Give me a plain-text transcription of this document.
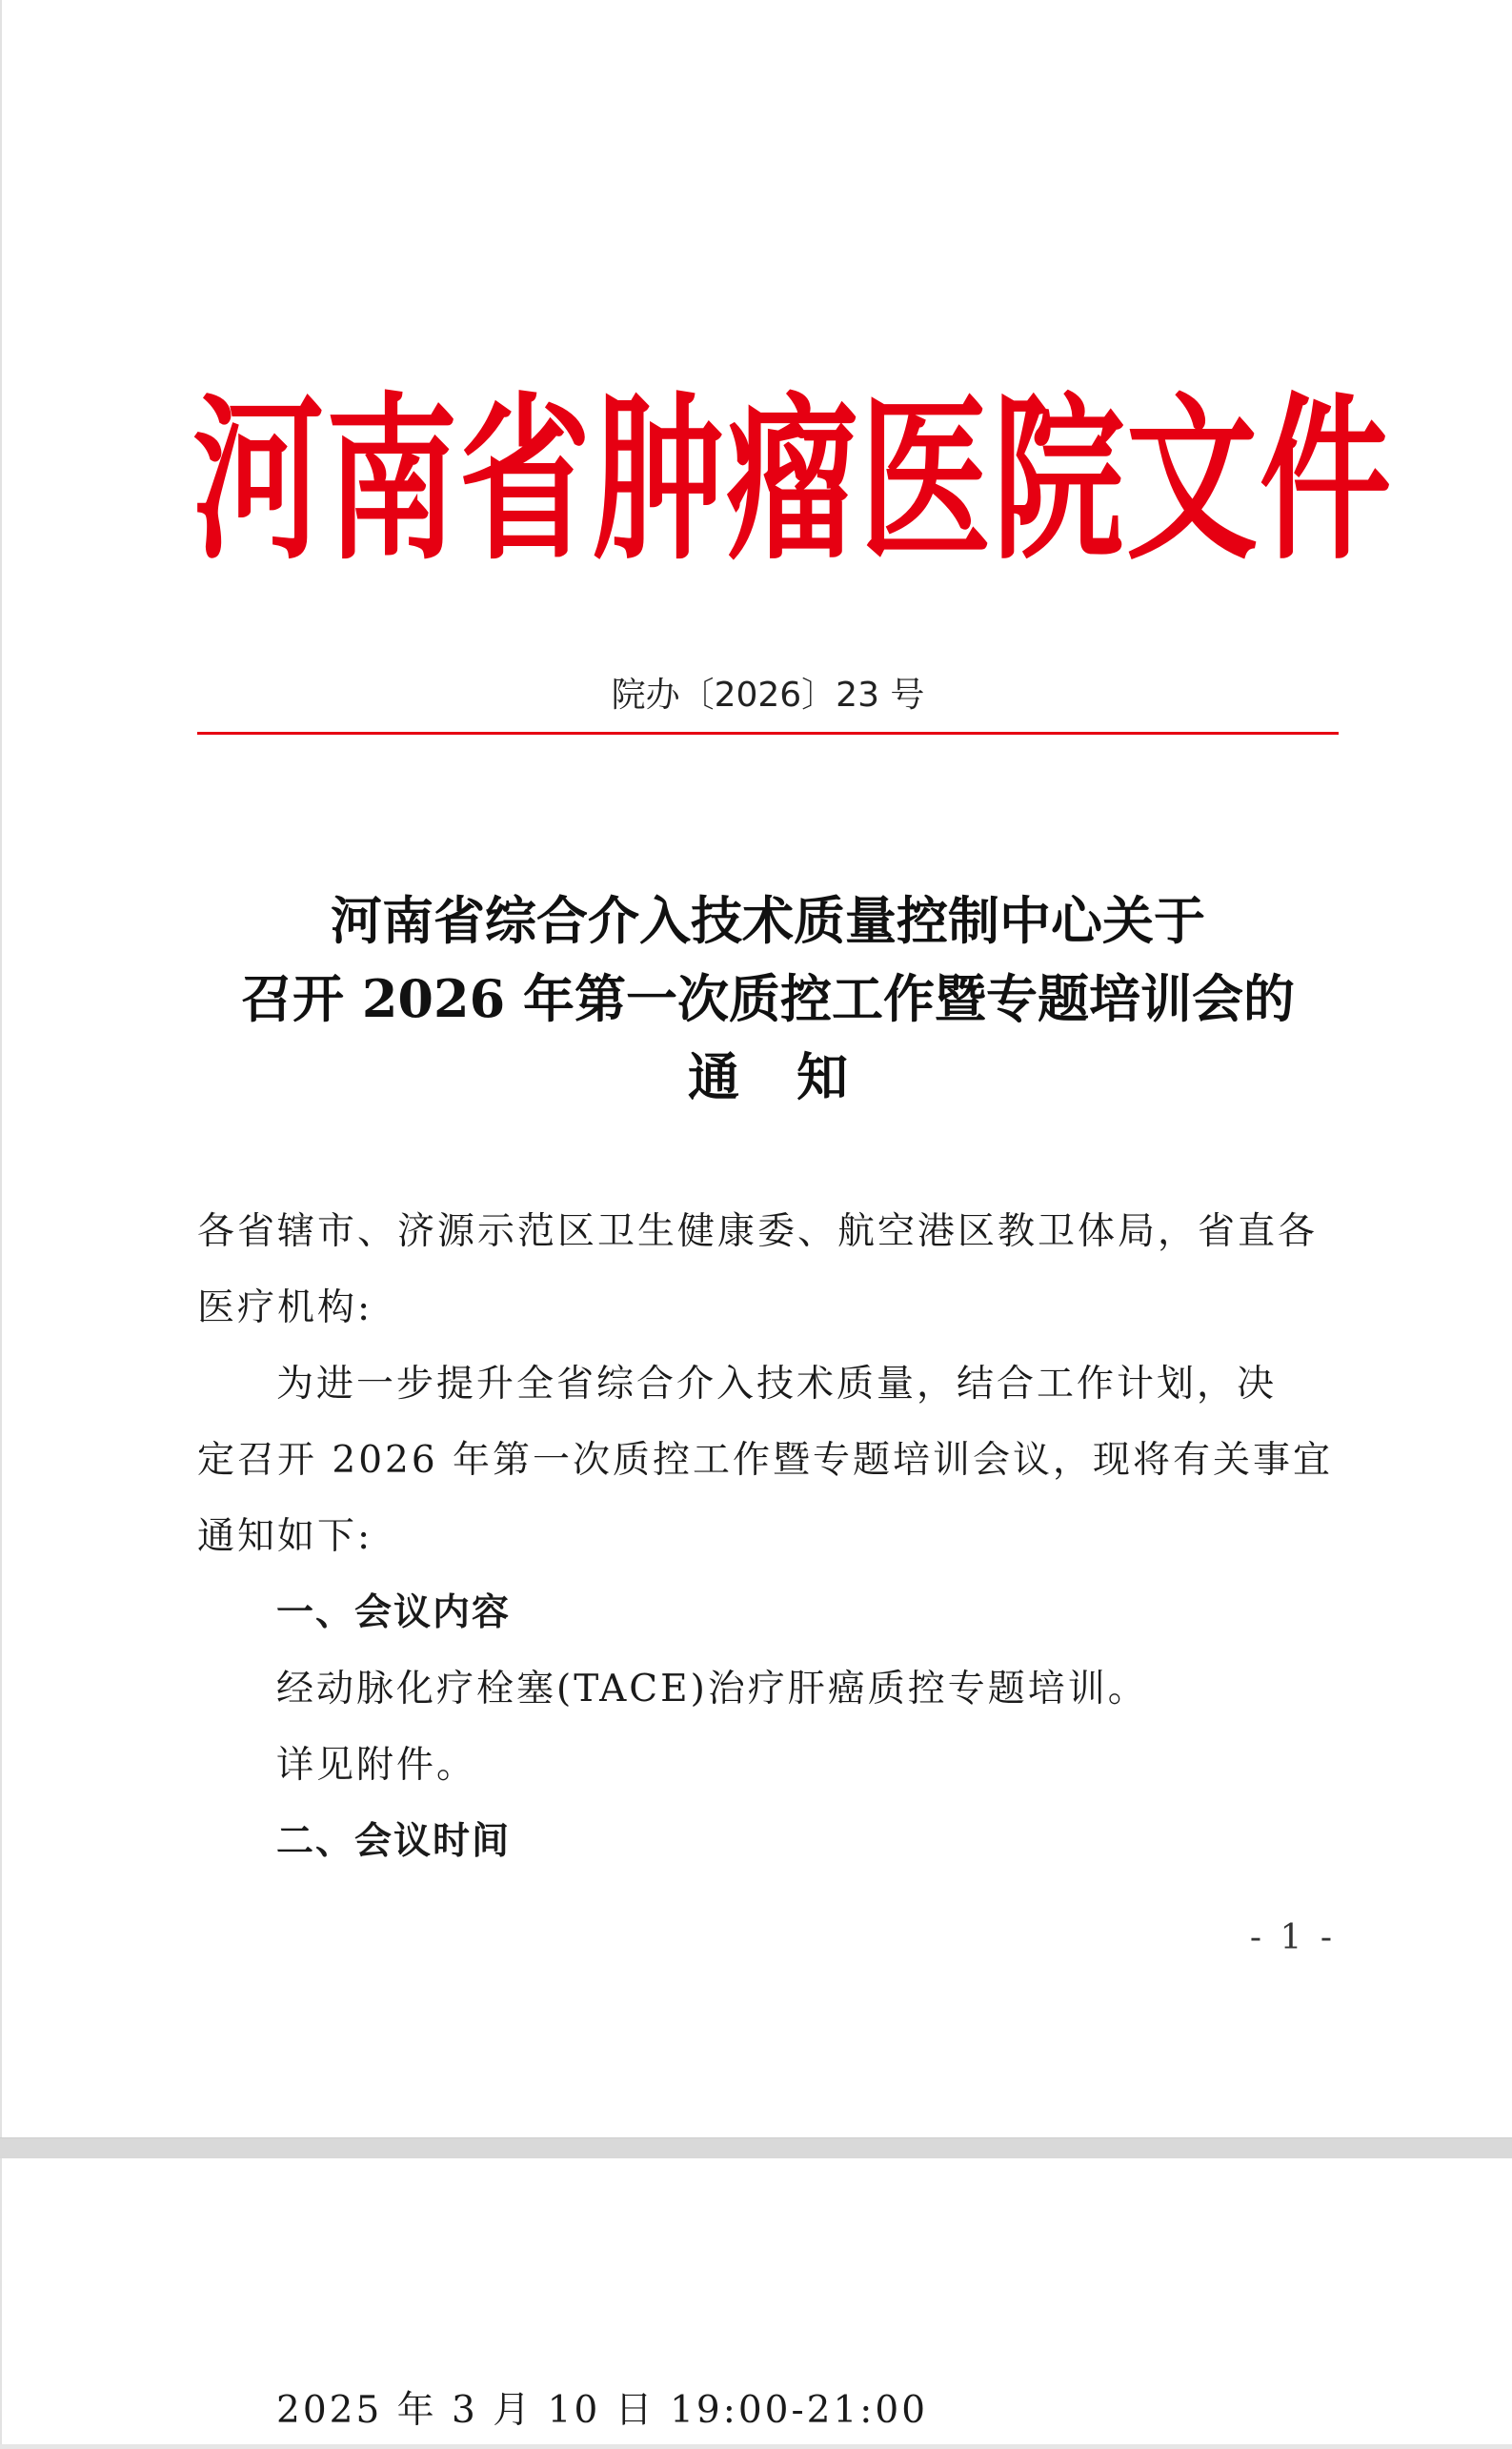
河南省肿瘤医院文件
院办〔2026〕23 号
河南省综合介入技术质量控制中心关于
召开 2026 年第一次质控工作暨专题培训会的
通知
各省辖市、济源示范区卫生健康委、航空港区教卫体局，省直各
医疗机构:
为进一步提升全省综合介入技术质量，结合工作计划，决
定召开 2026 年第一次质控工作暨专题培训会议，现将有关事宜
通知如下:
一、会议内容
经动脉化疗栓塞(TACE)治疗肝癌质控专题培训。
详见附件。
二、会议时间
- 1 -
2025 年 3 月 10 日 19:00-21:00
